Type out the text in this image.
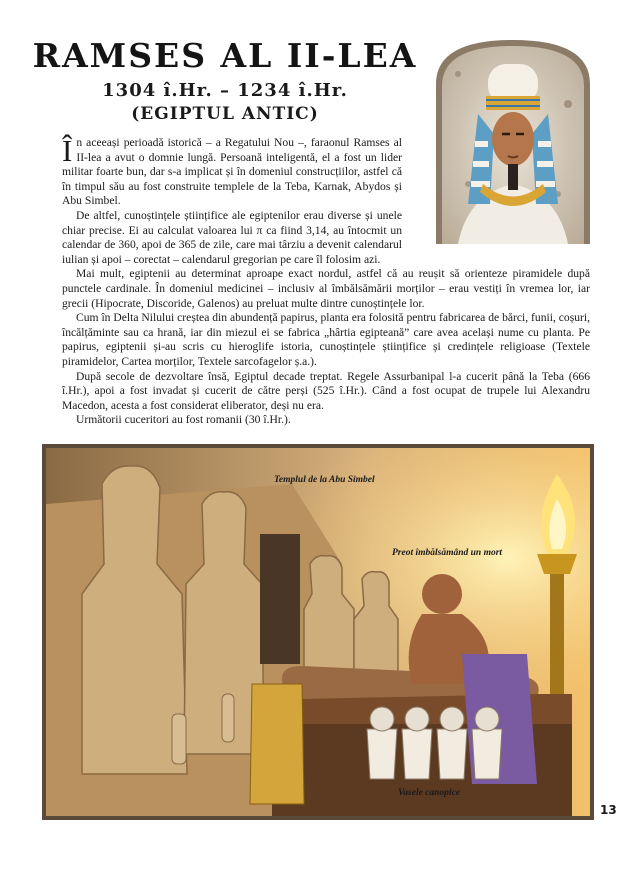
RAMSES AL II-LEA
1304 î.Hr. – 1234 î.Hr.
(EGIPTUL ANTIC)

În aceeași perioadă istorică – a Regatului Nou –, faraonul Ramses al II-lea a avut o domnie lungă. Persoană inteligentă, el a fost un lider militar foarte bun, dar s-a implicat și în domeniul construcțiilor, astfel că în timpul său au fost construite templele de la Teba, Karnak, Abydos și Abu Simbel.

De altfel, cunoștințele științifice ale egiptenilor erau diverse și unele chiar precise. Ei au calculat valoarea lui π ca fiind 3,14, au întocmit un calendar de 360, apoi de 365 de zile, care mai târziu a devenit calendarul iulian și apoi – corectat – calendarul gregorian pe care îl folosim azi.

Mai mult, egiptenii au determinat aproape exact nordul, astfel că au reușit să orienteze piramidele după punctele cardinale. În domeniul medicinei – inclusiv al îmbălsămării morților – erau vestiți în vremea lor, iar grecii (Hipocrate, Discoride, Galenos) au preluat multe dintre cunoștințele lor.

Cum în Delta Nilului creștea din abundență papirus, planta era folosită pentru fabricarea de bărci, funii, coșuri, încălțăminte sau ca hrană, iar din miezul ei se fabrica „hârtia egipteană” care avea același nume cu planta. Pe papirus, egiptenii și-au scris cu hieroglife istoria, cunoștințele științifice și credințele religioase (Textele piramidelor, Cartea morților, Textele sarcofagelor ș.a.).

După secole de dezvoltare însă, Egiptul decade treptat. Regele Assurbanipal l-a cucerit până la Teba (666 î.Hr.), apoi a fost invadat și cucerit de către perși (525 î.Hr.). Când a fost ocupat de trupele lui Alexandru Macedon, acesta a fost considerat eliberator, deși nu era.

Următorii cuceritori au fost romanii (30 î.Hr.).

Templul de la Abu Simbel
Preot îmbălsămând un mort
Vasele canopice
13
